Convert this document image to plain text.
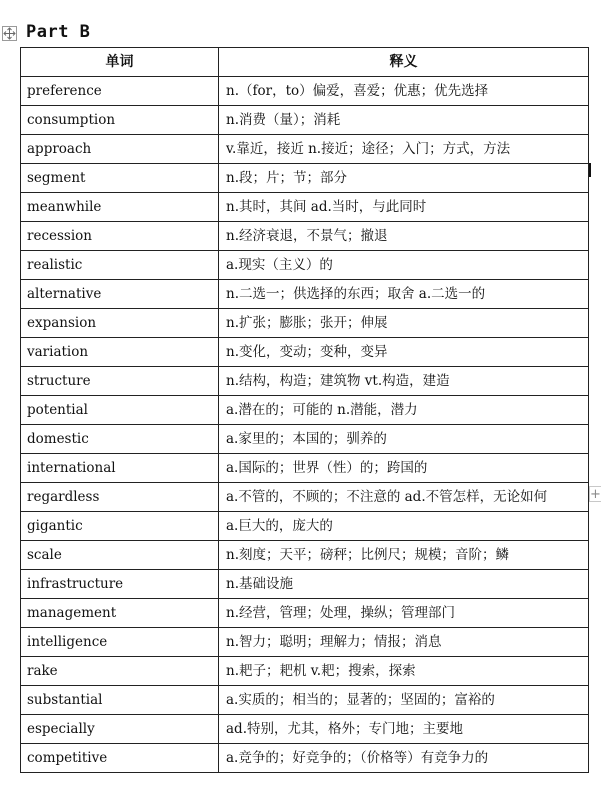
Part B
单词	释义
preference	n.（for，to）偏爱，喜爱；优惠；优先选择
consumption	n.消费（量）；消耗
approach	v.靠近，接近 n.接近；途径；入门；方式，方法
segment	n.段；片；节；部分
meanwhile	n.其时，其间 ad.当时，与此同时
recession	n.经济衰退，不景气；撤退
realistic	a.现实（主义）的
alternative	n.二选一；供选择的东西；取舍 a.二选一的
expansion	n.扩张；膨胀；张开；伸展
variation	n.变化，变动；变种，变异
structure	n.结构，构造；建筑物 vt.构造，建造
potential	a.潜在的；可能的 n.潜能，潜力
domestic	a.家里的；本国的；驯养的
international	a.国际的；世界（性）的；跨国的
regardless	a.不管的，不顾的；不注意的 ad.不管怎样，无论如何
gigantic	a.巨大的，庞大的
scale	n.刻度；天平；磅秤；比例尺；规模；音阶；鳞
infrastructure	n.基础设施
management	n.经营，管理；处理，操纵；管理部门
intelligence	n.智力；聪明；理解力；情报；消息
rake	n.耙子；耙机 v.耙；搜索，探索
substantial	a.实质的；相当的；显著的；坚固的；富裕的
especially	ad.特别，尤其，格外；专门地；主要地
competitive	a.竞争的；好竞争的；（价格等）有竞争力的
+
